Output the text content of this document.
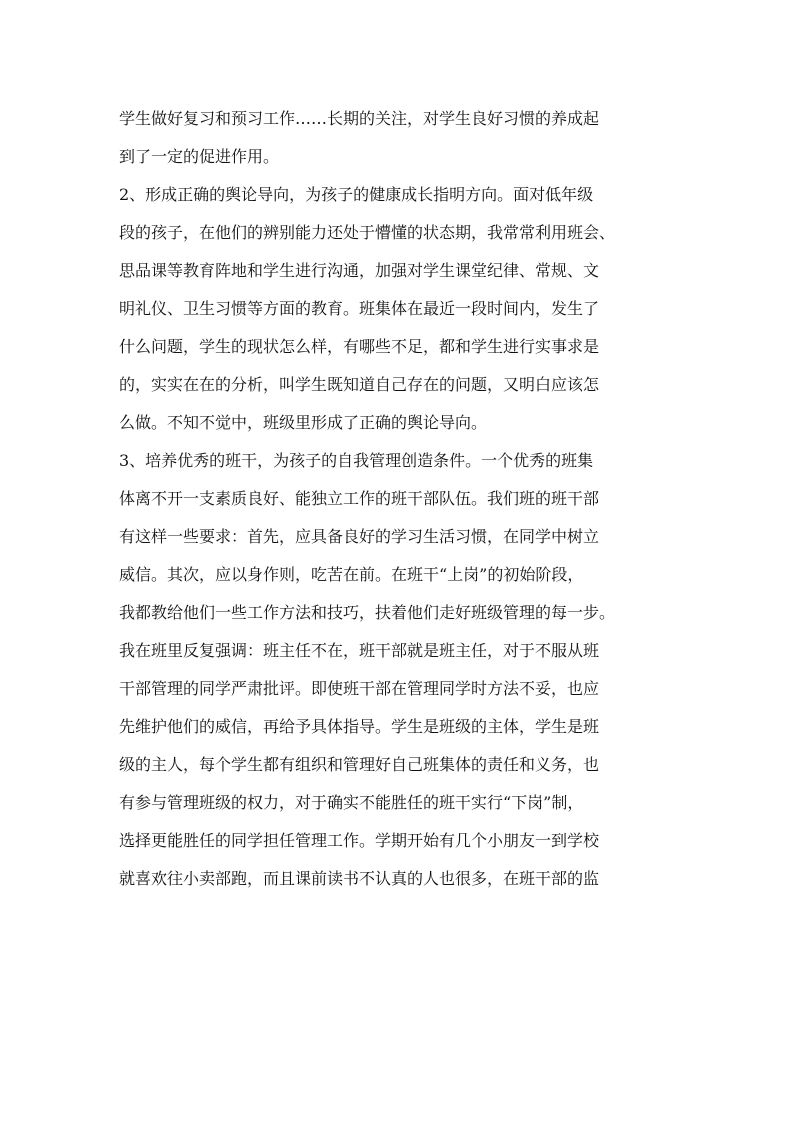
学生做好复习和预习工作……长期的关注，对学生良好习惯的养成起
到了一定的促进作用。
2、形成正确的舆论导向，为孩子的健康成长指明方向。面对低年级
段的孩子，在他们的辨别能力还处于懵懂的状态期，我常常利用班会、
思品课等教育阵地和学生进行沟通，加强对学生课堂纪律、常规、文
明礼仪、卫生习惯等方面的教育。班集体在最近一段时间内，发生了
什么问题，学生的现状怎么样，有哪些不足，都和学生进行实事求是
的，实实在在的分析，叫学生既知道自己存在的问题，又明白应该怎
么做。不知不觉中，班级里形成了正确的舆论导向。
3、培养优秀的班干，为孩子的自我管理创造条件。一个优秀的班集
体离不开一支素质良好、能独立工作的班干部队伍。我们班的班干部
有这样一些要求：首先，应具备良好的学习生活习惯，在同学中树立
威信。其次，应以身作则，吃苦在前。在班干“上岗”的初始阶段，
我都教给他们一些工作方法和技巧，扶着他们走好班级管理的每一步。
我在班里反复强调：班主任不在，班干部就是班主任，对于不服从班
干部管理的同学严肃批评。即使班干部在管理同学时方法不妥，也应
先维护他们的威信，再给予具体指导。学生是班级的主体，学生是班
级的主人，每个学生都有组织和管理好自己班集体的责任和义务，也
有参与管理班级的权力，对于确实不能胜任的班干实行“下岗”制，
选择更能胜任的同学担任管理工作。学期开始有几个小朋友一到学校
就喜欢往小卖部跑，而且课前读书不认真的人也很多，在班干部的监
